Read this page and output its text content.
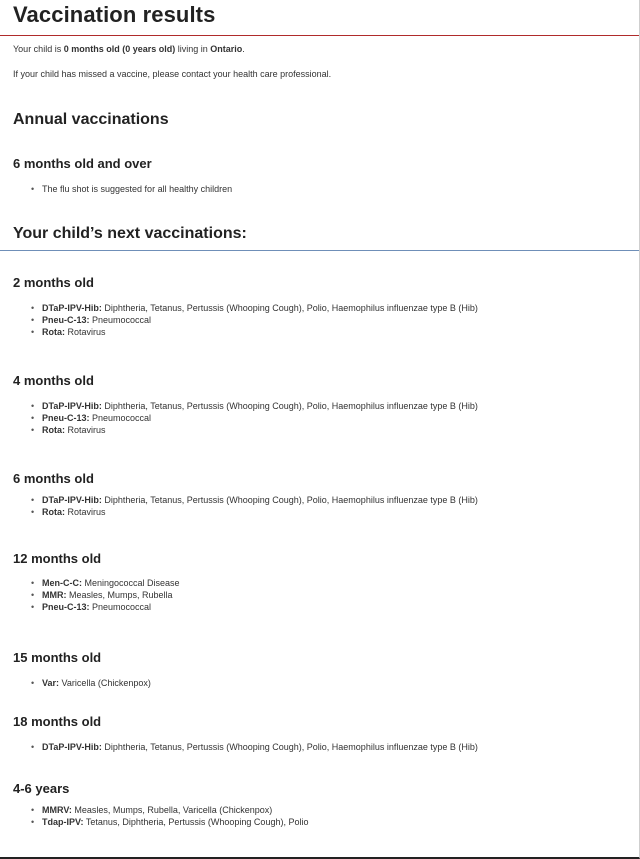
Vaccination results

Your child is 0 months old (0 years old) living in Ontario.

If your child has missed a vaccine, please contact your health care professional.

Annual vaccinations
6 months old and over
• The flu shot is suggested for all healthy children
Your child’s next vaccinations:
2 months old
• DTaP-IPV-Hib: Diphtheria, Tetanus, Pertussis (Whooping Cough), Polio, Haemophilus influenzae type B (Hib)
• Pneu-C-13: Pneumococcal
• Rota: Rotavirus
4 months old
• DTaP-IPV-Hib: Diphtheria, Tetanus, Pertussis (Whooping Cough), Polio, Haemophilus influenzae type B (Hib)
• Pneu-C-13: Pneumococcal
• Rota: Rotavirus
6 months old
• DTaP-IPV-Hib: Diphtheria, Tetanus, Pertussis (Whooping Cough), Polio, Haemophilus influenzae type B (Hib)
• Rota: Rotavirus
12 months old
• Men-C-C: Meningococcal Disease
• MMR: Measles, Mumps, Rubella
• Pneu-C-13: Pneumococcal
15 months old
• Var: Varicella (Chickenpox)
18 months old
• DTaP-IPV-Hib: Diphtheria, Tetanus, Pertussis (Whooping Cough), Polio, Haemophilus influenzae type B (Hib)
4-6 years
• MMRV: Measles, Mumps, Rubella, Varicella (Chickenpox)
• Tdap-IPV: Tetanus, Diphtheria, Pertussis (Whooping Cough), Polio
